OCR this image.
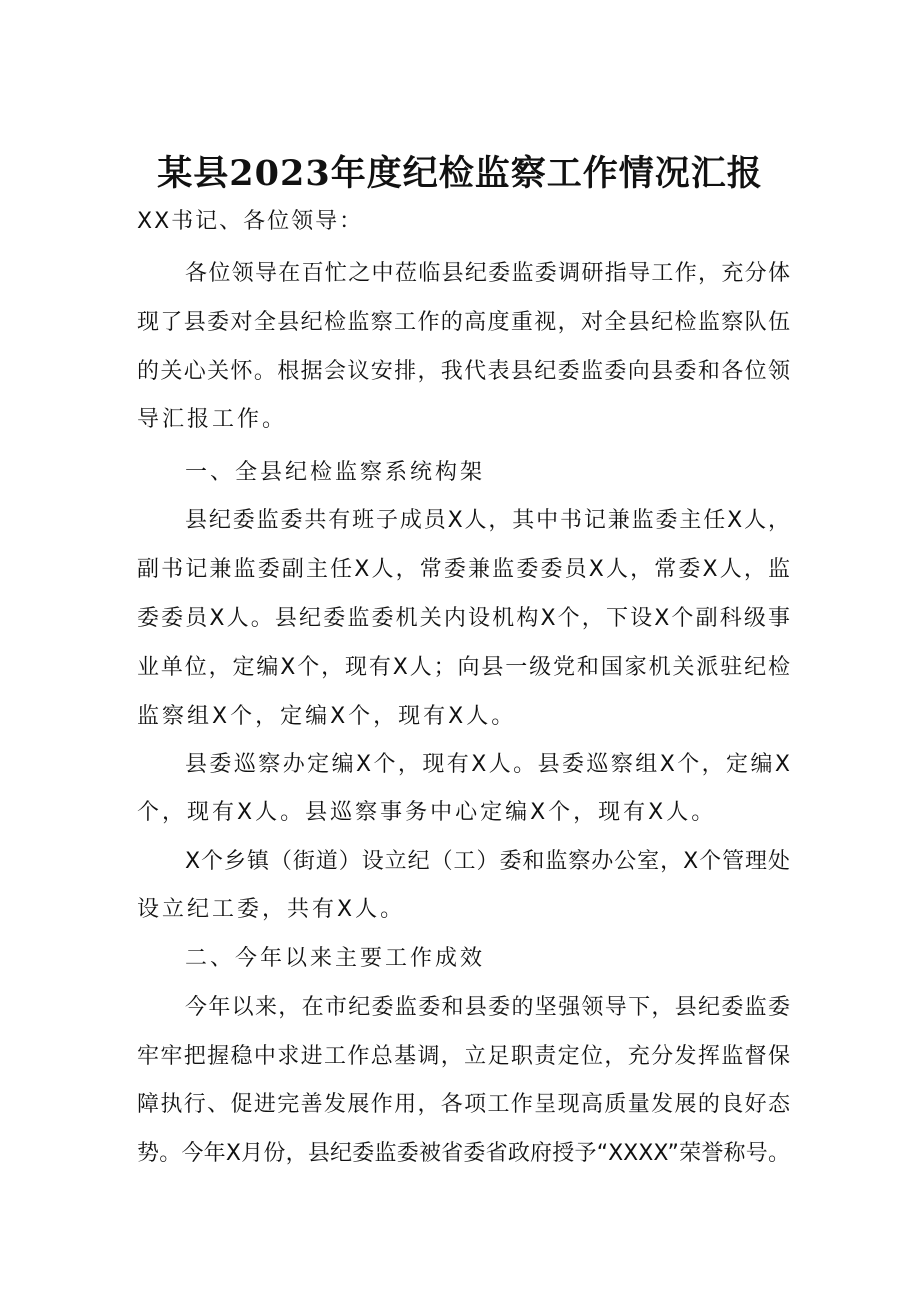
某县2023年度纪检监察工作情况汇报
XX书记、各位领导：
各位领导在百忙之中莅临县纪委监委调研指导工作，充分体
现了县委对全县纪检监察工作的高度重视，对全县纪检监察队伍
的关心关怀。根据会议安排，我代表县纪委监委向县委和各位领
导汇报工作。
一、全县纪检监察系统构架
县纪委监委共有班子成员X人，其中书记兼监委主任X人，
副书记兼监委副主任X人，常委兼监委委员X人，常委X人，监
委委员X人。县纪委监委机关内设机构X个，下设X个副科级事
业单位，定编X个，现有X人；向县一级党和国家机关派驻纪检
监察组X个，定编X个，现有X人。
县委巡察办定编X个，现有X人。县委巡察组X个，定编X
个，现有X人。县巡察事务中心定编X个，现有X人。
X个乡镇（街道）设立纪（工）委和监察办公室，X个管理处
设立纪工委，共有X人。
二、今年以来主要工作成效
今年以来，在市纪委监委和县委的坚强领导下，县纪委监委
牢牢把握稳中求进工作总基调，立足职责定位，充分发挥监督保
障执行、促进完善发展作用，各项工作呈现高质量发展的良好态
势。今年X月份，县纪委监委被省委省政府授予“XXXX”荣誉称号。
